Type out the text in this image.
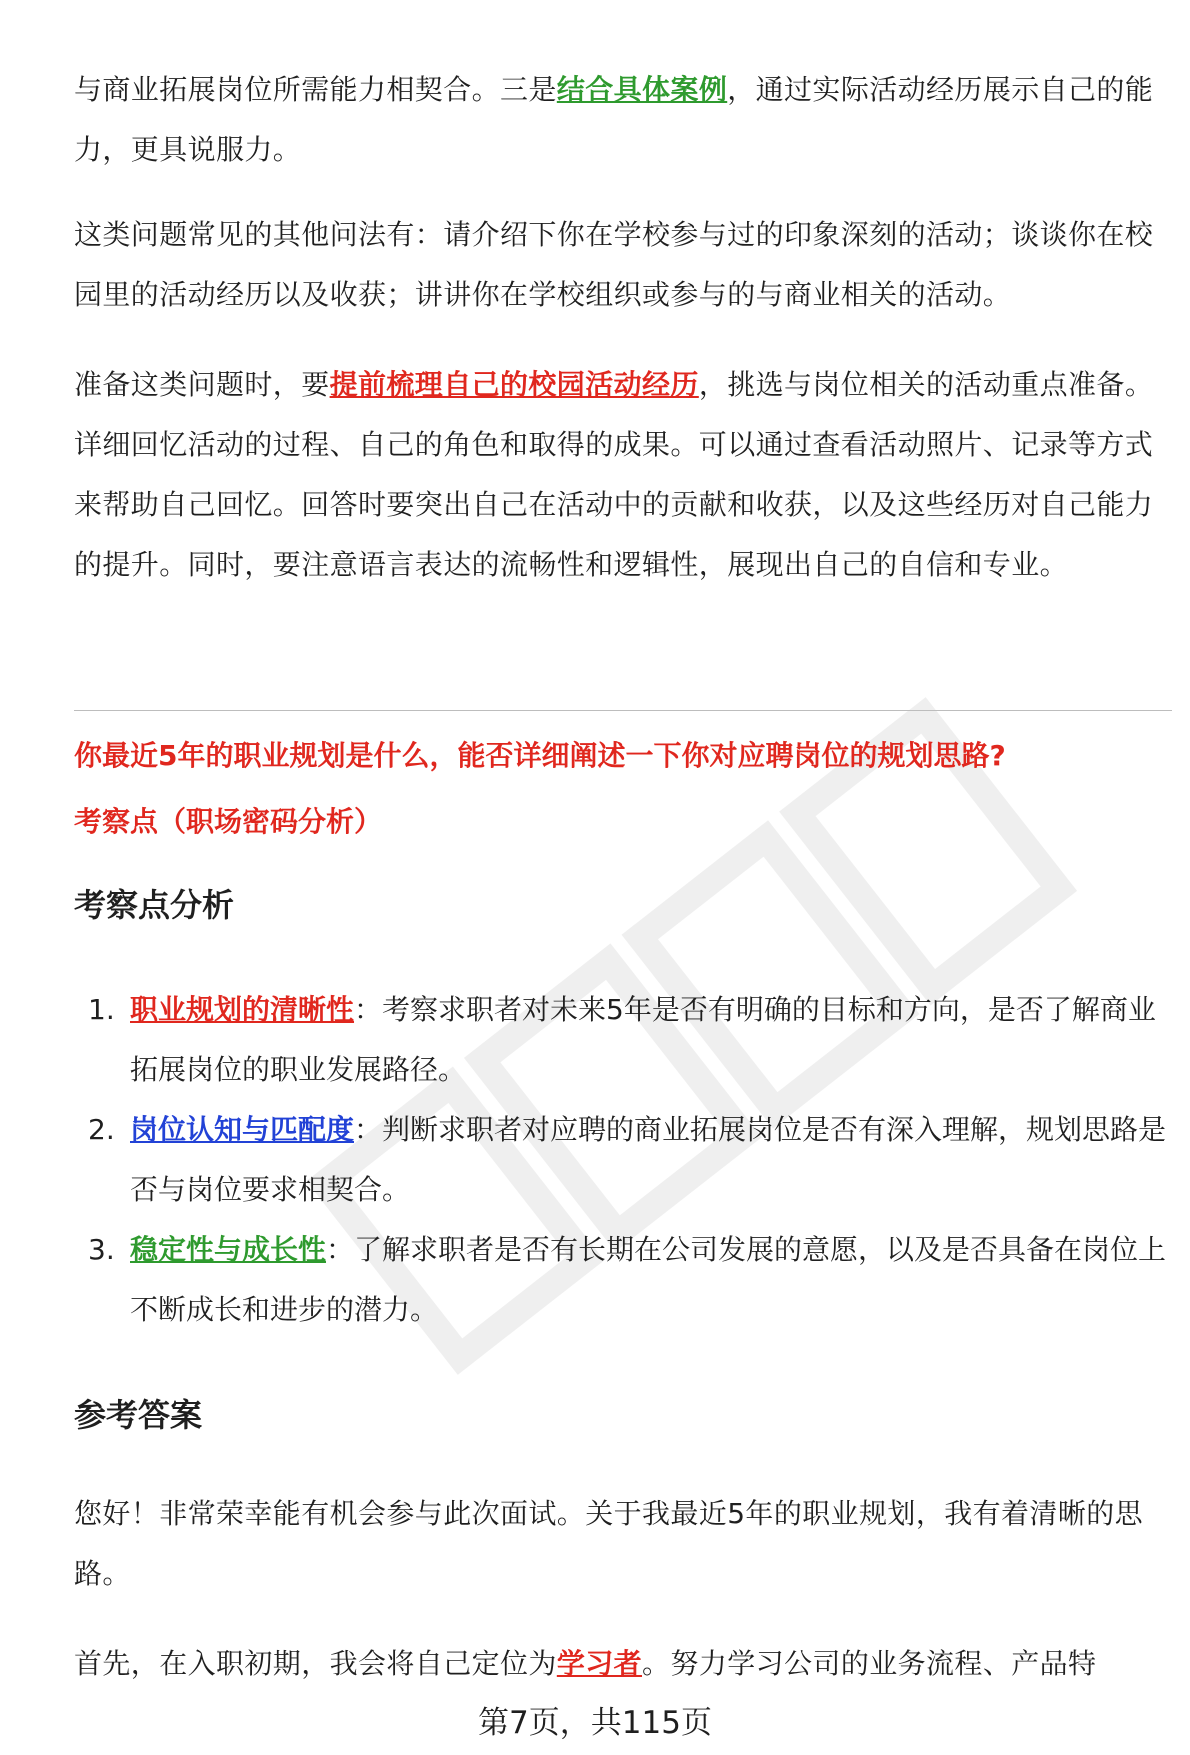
与商业拓展岗位所需能力相契合。三是结合具体案例，通过实际活动经历展示自己的能力，更具说服力。

这类问题常见的其他问法有：请介绍下你在学校参与过的印象深刻的活动；谈谈你在校园里的活动经历以及收获；讲讲你在学校组织或参与的与商业相关的活动。

准备这类问题时，要提前梳理自己的校园活动经历，挑选与岗位相关的活动重点准备。详细回忆活动的过程、自己的角色和取得的成果。可以通过查看活动照片、记录等方式来帮助自己回忆。回答时要突出自己在活动中的贡献和收获，以及这些经历对自己能力的提升。同时，要注意语言表达的流畅性和逻辑性，展现出自己的自信和专业。

你最近5年的职业规划是什么，能否详细阐述一下你对应聘岗位的规划思路?

考察点（职场密码分析）

考察点分析
1. 职业规划的清晰性：考察求职者对未来5年是否有明确的目标和方向，是否了解商业拓展岗位的职业发展路径。
2. 岗位认知与匹配度：判断求职者对应聘的商业拓展岗位是否有深入理解，规划思路是否与岗位要求相契合。
3. 稳定性与成长性：了解求职者是否有长期在公司发展的意愿，以及是否具备在岗位上不断成长和进步的潜力。
参考答案

您好！非常荣幸能有机会参与此次面试。关于我最近5年的职业规划，我有着清晰的思路。

首先，在入职初期，我会将自己定位为学习者。努力学习公司的业务流程、产品特

第7页，共115页
